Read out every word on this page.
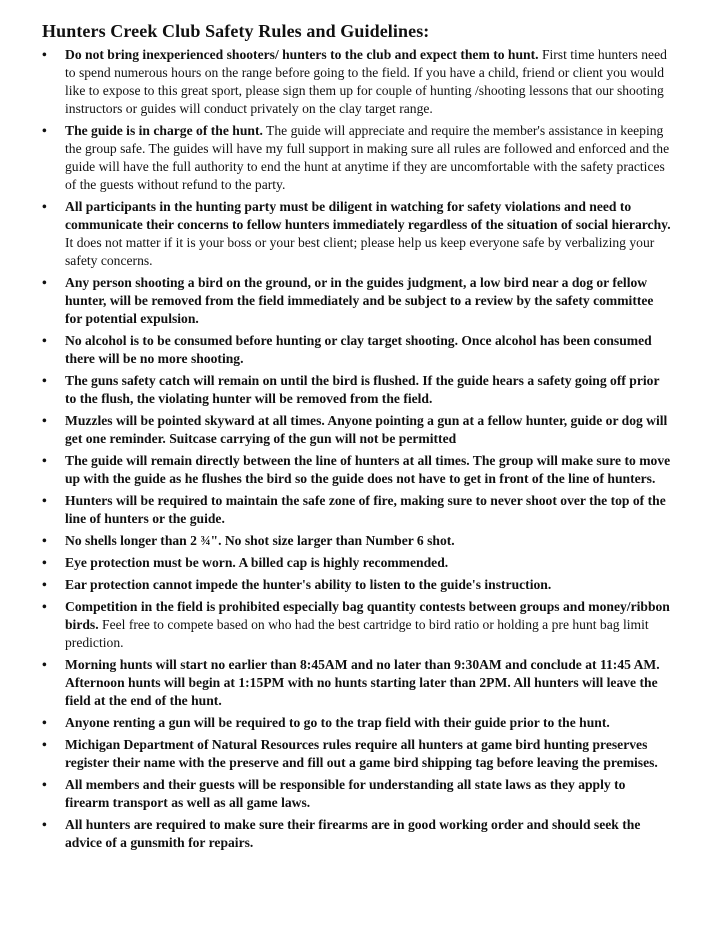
Hunters Creek Club Safety Rules and Guidelines:
•	Do not bring inexperienced shooters/ hunters to the club and expect them to hunt. First time hunters need to spend numerous hours on the range before going to the field. If you have a child, friend or client you would like to expose to this great sport, please sign them up for couple of hunting /shooting lessons that our shooting instructors or guides will conduct privately on the clay target range.
•	The guide is in charge of the hunt. The guide will appreciate and require the member's assistance in keeping the group safe. The guides will have my full support in making sure all rules are followed and enforced and the guide will have the full authority to end the hunt at anytime if they are uncomfortable with the safety practices of the guests without refund to the party.
•	All participants in the hunting party must be diligent in watching for safety violations and need to communicate their concerns to fellow hunters immediately regardless of the situation of social hierarchy. It does not matter if it is your boss or your best client; please help us keep everyone safe by verbalizing your safety concerns.
•	Any person shooting a bird on the ground, or in the guides judgment, a low bird near a dog or fellow hunter, will be removed from the field immediately and be subject to a review by the safety committee for potential expulsion.
•	No alcohol is to be consumed before hunting or clay target shooting. Once alcohol has been consumed there will be no more shooting.
•	The guns safety catch will remain on until the bird is flushed. If the guide hears a safety going off prior to the flush, the violating hunter will be removed from the field.
•	Muzzles will be pointed skyward at all times. Anyone pointing a gun at a fellow hunter, guide or dog will get one reminder. Suitcase carrying of the gun will not be permitted
•	The guide will remain directly between the line of hunters at all times. The group will make sure to move up with the guide as he flushes the bird so the guide does not have to get in front of the line of hunters.
•	Hunters will be required to maintain the safe zone of fire, making sure to never shoot over the top of the line of hunters or the guide.
•	No shells longer than 2 ¾". No shot size larger than Number 6 shot.
•	Eye protection must be worn. A billed cap is highly recommended.
•	Ear protection cannot impede the hunter's ability to listen to the guide's instruction.
•	Competition in the field is prohibited especially bag quantity contests between groups and money/ribbon birds. Feel free to compete based on who had the best cartridge to bird ratio or holding a pre hunt bag limit prediction.
•	Morning hunts will start no earlier than 8:45AM and no later than 9:30AM and conclude at 11:45 AM. Afternoon hunts will begin at 1:15PM with no hunts starting later than 2PM. All hunters will leave the field at the end of the hunt.
•	Anyone renting a gun will be required to go to the trap field with their guide prior to the hunt.
•	Michigan Department of Natural Resources rules require all hunters at game bird hunting preserves register their name with the preserve and fill out a game bird shipping tag before leaving the premises.
•	All members and their guests will be responsible for understanding all state laws as they apply to firearm transport as well as all game laws.
•	All hunters are required to make sure their firearms are in good working order and should seek the advice of a gunsmith for repairs.
